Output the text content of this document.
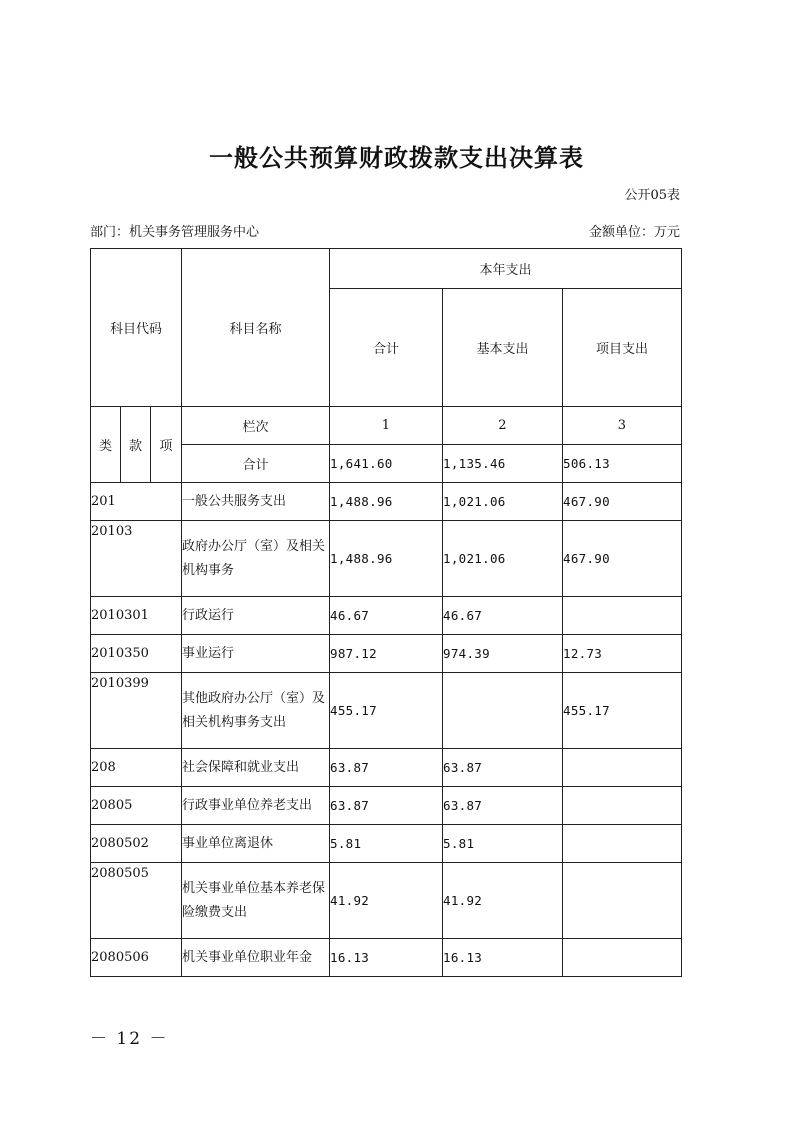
一般公共预算财政拨款支出决算表
公开05表
部门：机关事务管理服务中心	金额单位：万元
科目代码			科目名称	本年支出		
				合计	基本支出	项目支出
类	款	项	栏次	1	2	3
			合计	1,641.60	1,135.46	506.13
201			一般公共服务支出	1,488.96	1,021.06	467.90
20103			政府办公厅（室）及相关机构事务	1,488.96	1,021.06	467.90
2010301			行政运行	46.67	46.67	
2010350			事业运行	987.12	974.39	12.73
2010399			其他政府办公厅（室）及相关机构事务支出	455.17		455.17
208			社会保障和就业支出	63.87	63.87	
20805			行政事业单位养老支出	63.87	63.87	
2080502			事业单位离退休	5.81	5.81	
2080505			机关事业单位基本养老保险缴费支出	41.92	41.92	
2080506			机关事业单位职业年金	16.13	16.13	
－ 12 －
